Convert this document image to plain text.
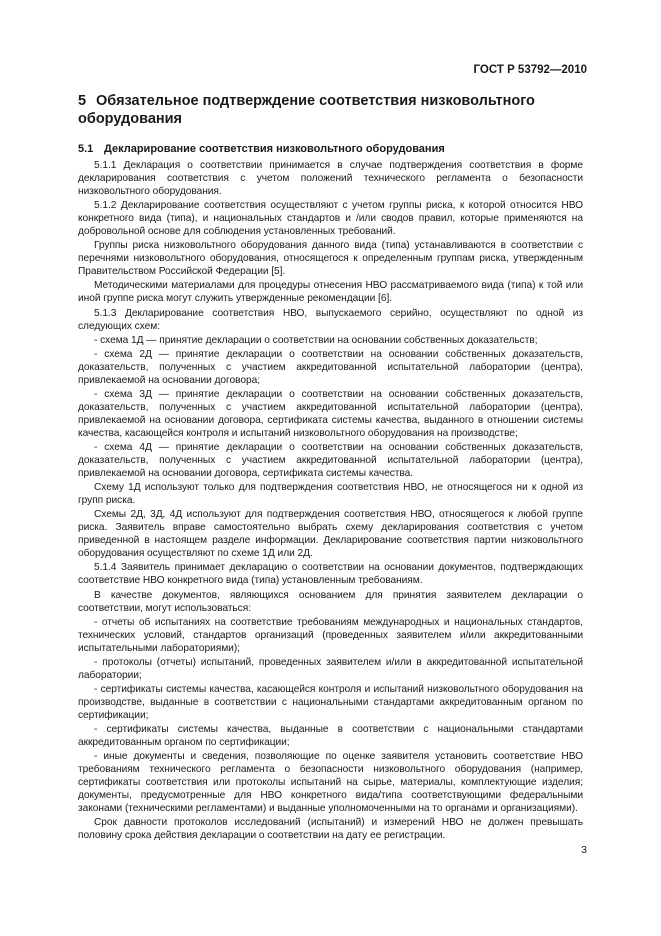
ГОСТ Р 53792—2010
5 Обязательное подтверждение соответствия низковольтного
оборудования
5.1 Декларирование соответствия низковольтного оборудования

5.1.1 Декларация о соответствии принимается в случае подтверждения соответствия в форме декларирования соответствия с учетом положений технического регламента о безопасности низковольтного оборудования.

5.1.2 Декларирование соответствия осуществляют с учетом группы риска, к которой относится НВО конкретного вида (типа), и национальных стандартов и /или сводов правил, которые применяются на добровольной основе для соблюдения установленных требований.

Группы риска низковольтного оборудования данного вида (типа) устанавливаются в соответствии с перечнями низковольтного оборудования, относящегося к определенным группам риска, утвержденным Правительством Российской Федерации [5].

Методическими материалами для процедуры отнесения НВО рассматриваемого вида (типа) к той или иной группе риска могут служить утвержденные рекомендации [6].

5.1.3 Декларирование соответствия НВО, выпускаемого серийно, осуществляют по одной из следующих схем:

- схема 1Д — принятие декларации о соответствии на основании собственных доказательств;

- схема 2Д — принятие декларации о соответствии на основании собственных доказательств, доказательств, полученных с участием аккредитованной испытательной лаборатории (центра), привлекаемой на основании договора;

- схема 3Д — принятие декларации о соответствии на основании собственных доказательств, доказательств, полученных с участием аккредитованной испытательной лаборатории (центра), привлекаемой на основании договора, сертификата системы качества, выданного в отношении системы качества, касающейся контроля и испытаний низковольтного оборудования на производстве;

- схема 4Д — принятие декларации о соответствии на основании собственных доказательств, доказательств, полученных с участием аккредитованной испытательной лаборатории (центра), привлекаемой на основании договора, сертификата системы качества.

Схему 1Д используют только для подтверждения соответствия НВО, не относящегося ни к одной из групп риска.

Схемы 2Д, 3Д, 4Д используют для подтверждения соответствия НВО, относящегося к любой группе риска. Заявитель вправе самостоятельно выбрать схему декларирования соответствия с учетом приведенной в настоящем разделе информации. Декларирование соответствия партии низковольтного оборудования осуществляют по схеме 1Д или 2Д.

5.1.4 Заявитель принимает декларацию о соответствии на основании документов, подтверждающих соответствие НВО конкретного вида (типа) установленным требованиям.

В качестве документов, являющихся основанием для принятия заявителем декларации о соответствии, могут использоваться:

- отчеты об испытаниях на соответствие требованиям международных и национальных стандартов, технических условий, стандартов организаций (проведенных заявителем и/или аккредитованными испытательными лабораториями);

- протоколы (отчеты) испытаний, проведенных заявителем и/или в аккредитованной испытательной лаборатории;

- сертификаты системы качества, касающейся контроля и испытаний низковольтного оборудования на производстве, выданные в соответствии с национальными стандартами аккредитованным органом по сертификации;

- сертификаты системы качества, выданные в соответствии с национальными стандартами аккредитованным органом по сертификации;

- иные документы и сведения, позволяющие по оценке заявителя установить соответствие НВО требованиям технического регламента о безопасности низковольтного оборудования (например, сертификаты соответствия или протоколы испытаний на сырье, материалы, комплектующие изделия; документы, предусмотренные для НВО конкретного вида/типа соответствующими федеральными законами (техническими регламентами) и выданные уполномоченными на то органами и организациями).

Срок давности протоколов исследований (испытаний) и измерений НВО не должен превышать половину срока действия декларации о соответствии на дату ее регистрации.

3
